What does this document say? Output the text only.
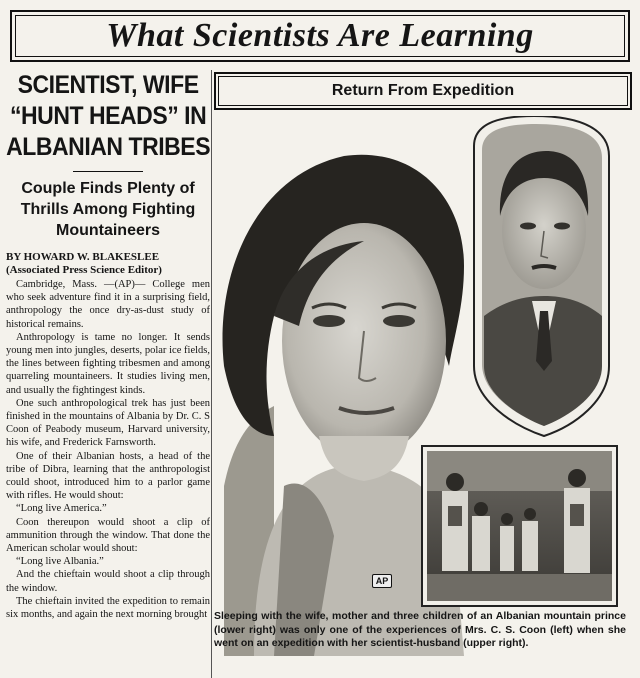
What Scientists Are Learning
SCIENTIST, WIFE
“HUNT HEADS” IN
ALBANIAN TRIBES
Couple Finds Plenty of Thrills Among Fighting Mountaineers
BY HOWARD W. BLAKESLEE
(Associated Press Science Editor)

Cambridge, Mass. —(AP)— College men who seek adventure find it in a surprising field, anthropology the once dry-as-dust study of historical remains.

Anthropology is tame no longer. It sends young men into jungles, deserts, polar ice fields, the lines between fighting tribesmen and among quarreling mountaineers. It studies living men, and usually the fightingest kinds.

One such anthropological trek has just been finished in the mountains of Albania by Dr. C. S Coon of Peabody museum, Harvard university, his wife, and Frederick Farnsworth.

One of their Albanian hosts, a head of the tribe of Dibra, learning that the anthropologist could shoot, introduced him to a parlor game with rifles. He would shout:

“Long live America.”

Coon thereupon would shoot a clip of ammunition through the window. That done the American scholar would shout:

“Long live Albania.”

And the chieftain would shoot a clip through the window.

The chieftain invited the expedition to remain six months, and again the next morning brought

Return From Expedition
AP
Sleeping with the wife, mother and three children of an Albanian mountain prince (lower right) was only one of the experiences of Mrs. C. S. Coon (left) when she went on an expedition with her scientist-husband (upper right).
